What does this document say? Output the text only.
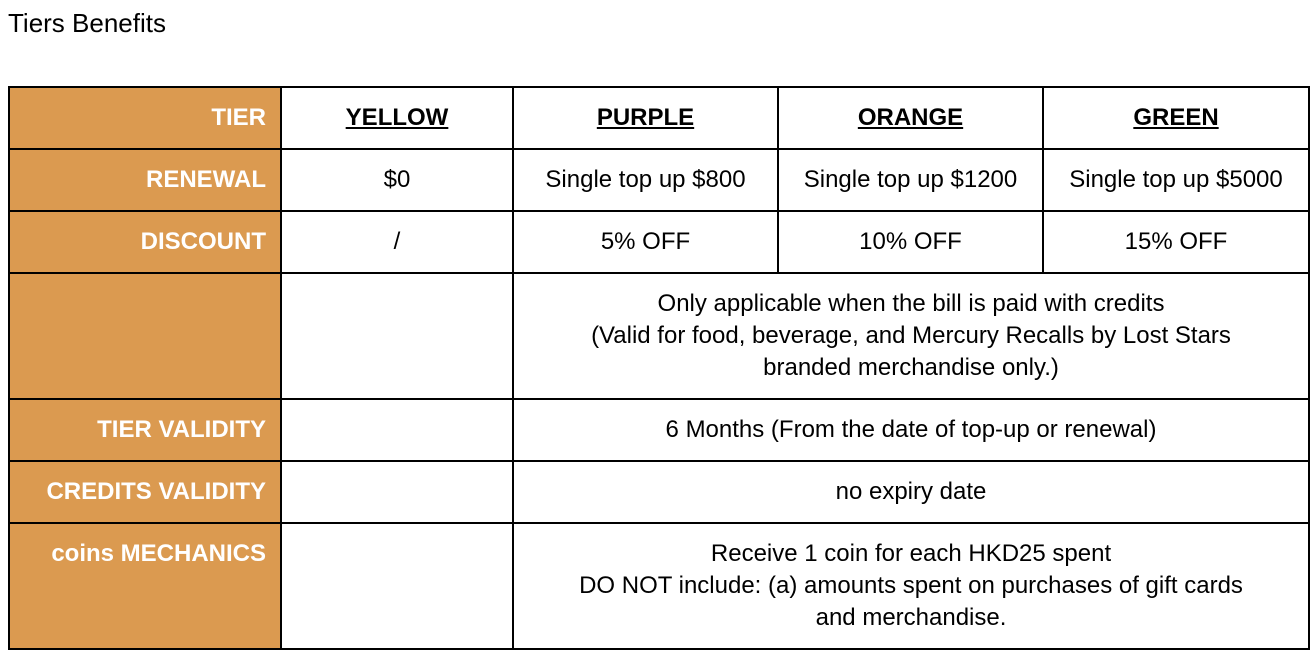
Tiers Benefits
TIER	YELLOW	PURPLE	ORANGE	GREEN
RENEWAL	$0	Single top up $800	Single top up $1200	Single top up $5000
DISCOUNT	/	5% OFF	10% OFF	15% OFF

		Only applicable when the bill is paid with credits
(Valid for food, beverage, and Mercury Recalls by Lost Stars
branded merchandise only.)		

TIER VALIDITY		6 Months (From the date of top-up or renewal)		
CREDITS VALIDITY		no expiry date		
coins MECHANICS		Receive 1 coin for each HKD25 spent
DO NOT include: (a) amounts spent on purchases of gift cards
and merchandise.		
